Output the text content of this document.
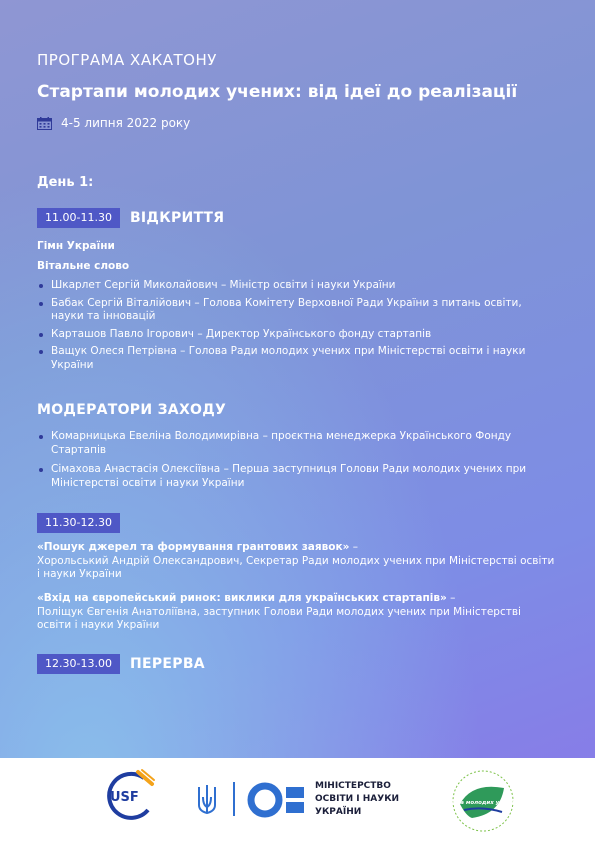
ПРОГРАМА ХАКАТОНУ
Стартапи молодих учених: від ідеї до реалізації
4-5 липня 2022 року
День 1:
11.00-11.30	ВІДКРИТТЯ
Гімн України
Вітальне слово
Шкарлет Сергій Миколайович – Міністр освіти і науки України
Бабак Сергій Віталійович – Голова Комітету Верховної Ради України з питань освіти, науки та інновацій
Карташов Павло Ігорович – Директор Українського фонду стартапів
Ващук Олеся Петрівна – Голова Ради молодих учених при Міністерстві освіти і науки України
МОДЕРАТОРИ ЗАХОДУ
Комарницька Евеліна Володимирівна – проєктна менеджерка Українського Фонду Стартапів
Сімахова Анастасія Олексіївна – Перша заступниця Голови Ради молодих учених при Міністерстві освіти і науки України
11.30-12.30
«Пошук джерел та формування грантових заявок» –
Хорольський Андрій Олександрович, Секретар Ради молодих учених при Міністерстві освіти і науки України
«Вхід на європейський ринок: виклики для українських стартапів» –
Поліщук Євгенія Анатоліївна, заступник Голови Ради молодих учених при Міністерстві освіти і науки України
12.30-13.00	ПЕРЕРВА
USF
МІНІСТЕРСТВО
ОСВІТИ І НАУКИ
УКРАЇНИ
Рада молодих учених
